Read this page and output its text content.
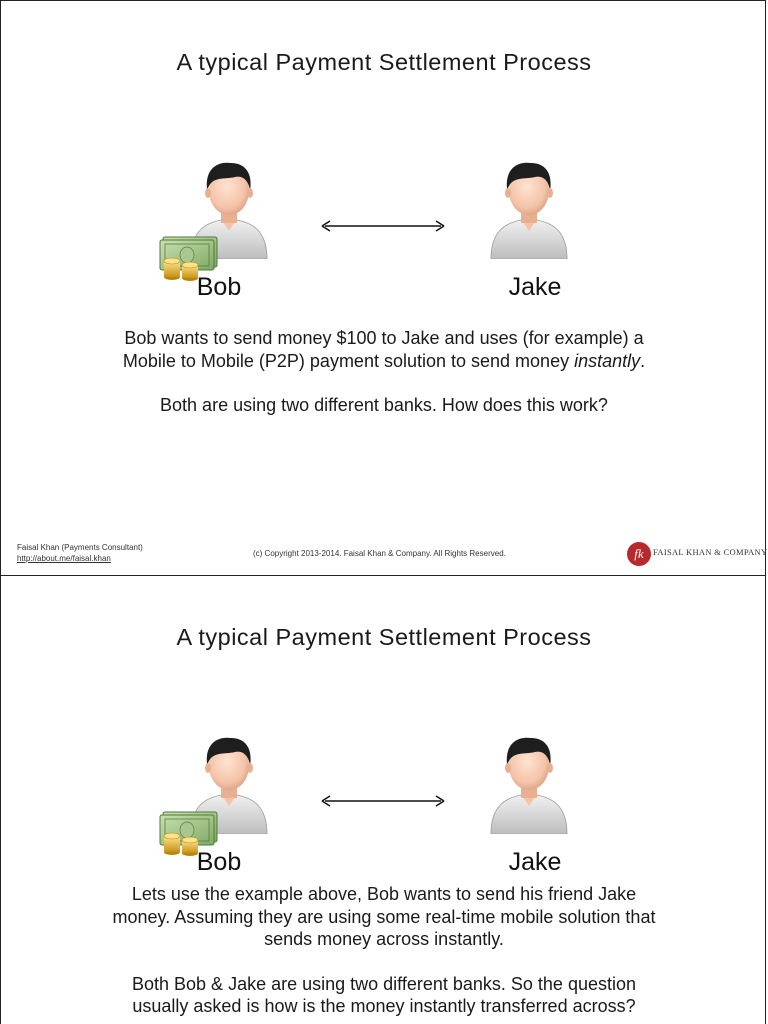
A typical Payment Settlement Process
Bob	Jake

Bob wants to send money $100 to Jake and uses (for example) a

Mobile to Mobile (P2P) payment solution to send money instantly.

Both are using two different banks. How does this work?

Faisal Khan (Payments Consultant)
http://about.me/faisal.khan	(c) Copyright 2013-2014. Faisal Khan & Company. All Rights Reserved.	fk	FAISAL KHAN & COMPANY
A typical Payment Settlement Process
Bob	Jake

Lets use the example above, Bob wants to send his friend Jake

money. Assuming they are using some real-time mobile solution that

sends money across instantly.

Both Bob & Jake are using two different banks. So the question

usually asked is how is the money instantly transferred across?
